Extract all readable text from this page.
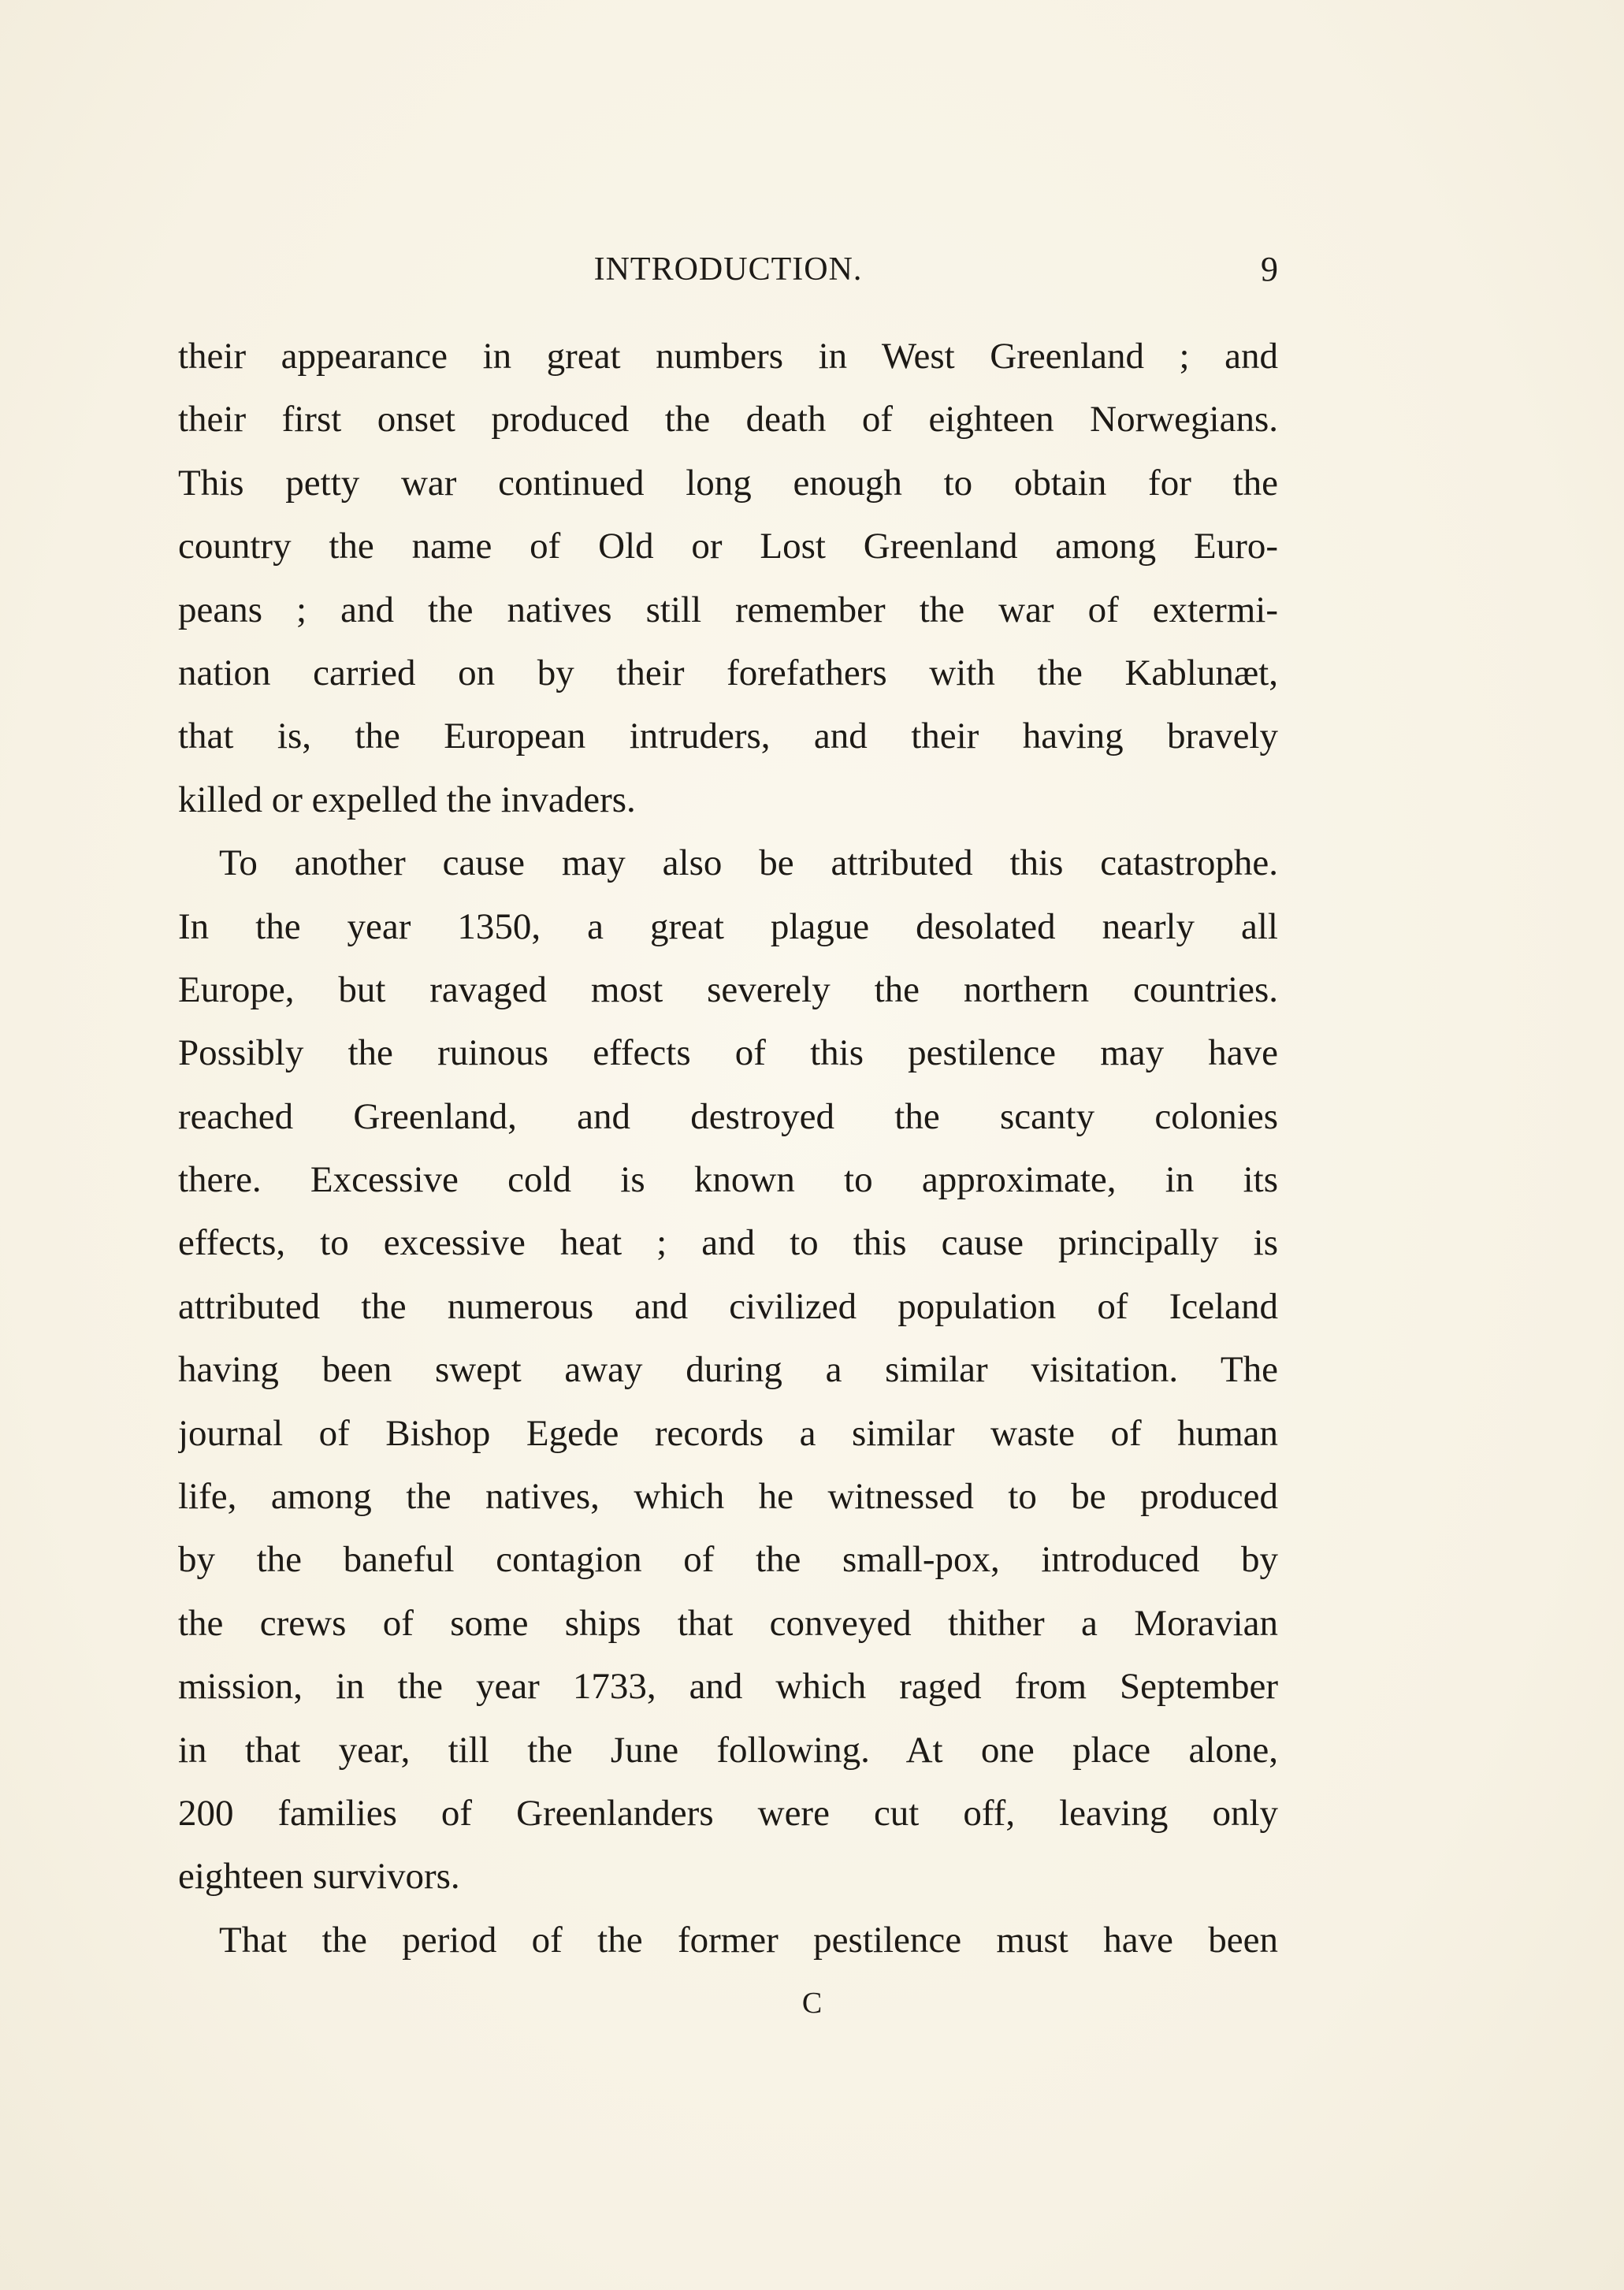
INTRODUCTION.	9
their appearance in great numbers in West Greenland ; and
their first onset produced the death of eighteen Norwegians.
This petty war continued long enough to obtain for the
country the name of Old or Lost Greenland among Euro-
peans ; and the natives still remember the war of extermi-
nation carried on by their forefathers with the Kablunæt,
that is, the European intruders, and their having bravely
killed or expelled the invaders.
To another cause may also be attributed this catastrophe.
In the year 1350, a great plague desolated nearly all
Europe, but ravaged most severely the northern countries.
Possibly the ruinous effects of this pestilence may have
reached Greenland, and destroyed the scanty colonies
there. Excessive cold is known to approximate, in its
effects, to excessive heat ; and to this cause principally is
attributed the numerous and civilized population of Iceland
having been swept away during a similar visitation. The
journal of Bishop Egede records a similar waste of human
life, among the natives, which he witnessed to be produced
by the baneful contagion of the small-pox, introduced by
the crews of some ships that conveyed thither a Moravian
mission, in the year 1733, and which raged from September
in that year, till the June following. At one place alone,
200 families of Greenlanders were cut off, leaving only
eighteen survivors.
That the period of the former pestilence must have been
C
